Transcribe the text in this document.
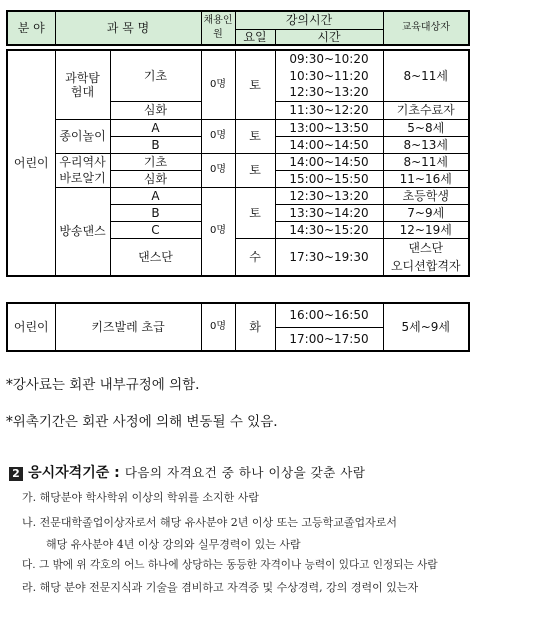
분 야	과 목 명	채용인원	강의시간		교육대상자
			요일	시간	
어린이	과학탐험대	기초	0명	토	09:30~10:20	8~11세
					10:30~11:20	
					12:30~13:20	
		심화			11:30~12:20	기초수료자
	종이놀이	A	0명	토	13:00~13:50	5~8세
		B			14:00~14:50	8~13세
	우리역사	기초	0명	토	14:00~14:50	8~11세
	바로알기	심화			15:00~15:50	11~16세
	방송댄스	A	0명	토	12:30~13:20	초등학생
		B			13:30~14:20	7~9세
		C			14:30~15:20	12~19세
		댄스단		수	17:30~19:30	댄스단
오디션합격자

어린이	키즈발레 초급	0명	화	16:00~16:50	5세~9세
17:00~17:50
*강사료는 회관 내부규정에 의함.
*위촉기간은 회관 사정에 의해 변동될 수 있음.
2 응시자격기준 : 다음의 자격요건 중 하나 이상을 갖춘 사람
가. 해당분야 학사학위 이상의 학위를 소지한 사람
나. 전문대학졸업이상자로서 해당 유사분야 2년 이상 또는 고등학교졸업자로서
해당 유사분야 4년 이상 강의와 실무경력이 있는 사람
다. 그 밖에 위 각호의 어느 하나에 상당하는 동등한 자격이나 능력이 있다고 인정되는 사람
라. 해당 분야 전문지식과 기술을 겸비하고 자격증 및 수상경력, 강의 경력이 있는자
